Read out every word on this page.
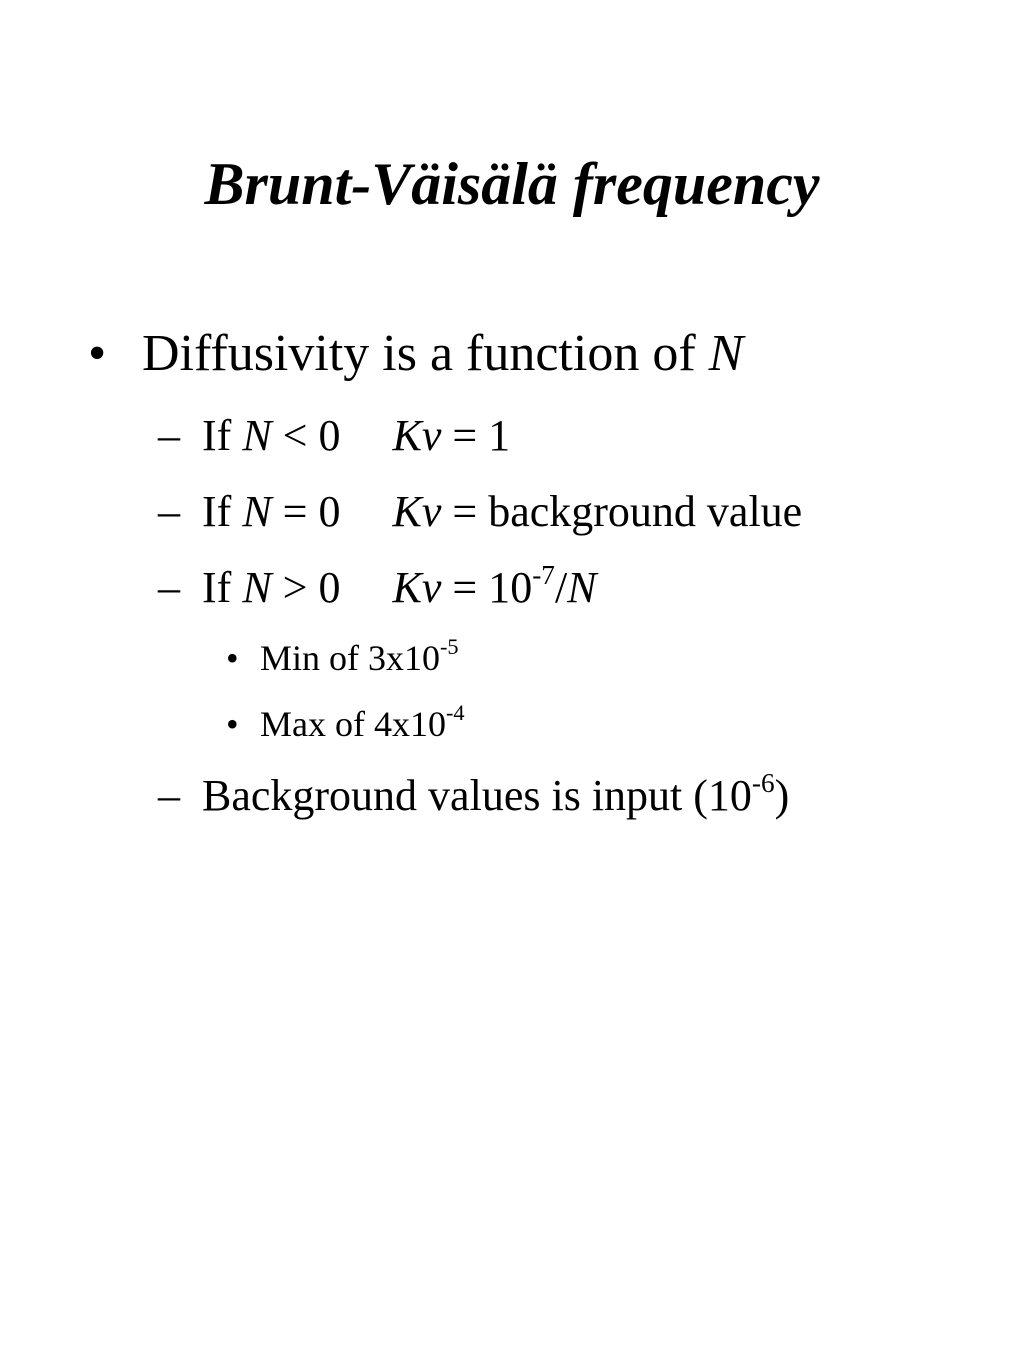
Brunt-Väisälä frequency
• Diffusivity is a function of N
– If N < 0 Kv = 1
– If N = 0 Kv = background value
– If N > 0 $Kv = 10^{-7}/N$
• Min of $3x10^{-5}$
• Max of $4x10^{-4}$
– Background values is input $(10^{-6})$
